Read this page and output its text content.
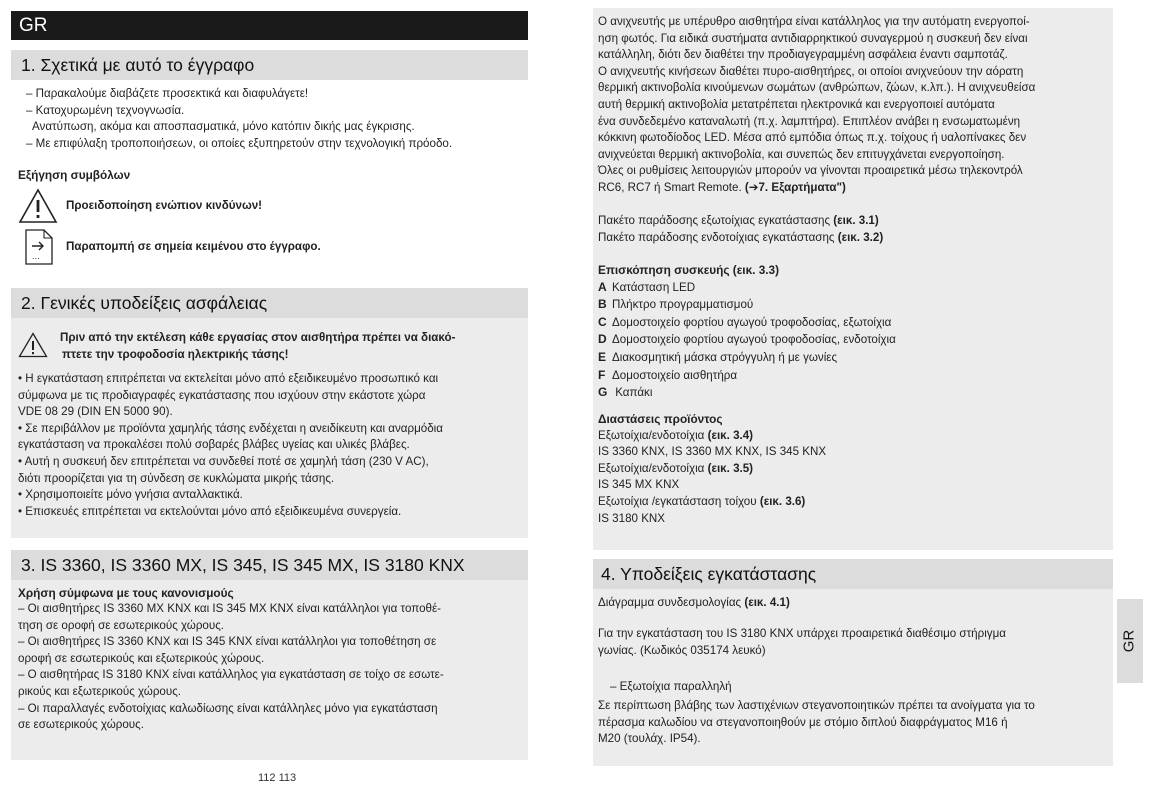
GR
1. Σχετικά με αυτό το έγγραφο
– Παρακαλούμε διαβάζετε προσεκτικά και διαφυλάγετε!
– Κατοχυρωμένη τεχνογνωσία.
Ανατύπωση, ακόμα και αποσπασματικά, μόνο κατόπιν δικής μας έγκρισης.
– Με επιφύλαξη τροποποιήσεων, οι οποίες εξυπηρετούν στην τεχνολογική πρόοδο.
Εξήγηση συμβόλων
Προειδοποίηση ενώπιον κινδύνων!
...
Παραπομπή σε σημεία κειμένου στο έγγραφο.
2. Γενικές υποδείξεις ασφάλειας
Πριν από την εκτέλεση κάθε εργασίας στον αισθητήρα πρέπει να διακό-
πτετε την τροφοδοσία ηλεκτρικής τάσης!
• Η εγκατάσταση επιτρέπεται να εκτελείται μόνο από εξειδικευμένο προσωπικό και
σύμφωνα με τις προδιαγραφές εγκατάστασης που ισχύουν στην εκάστοτε χώρα
VDE 08 29 (DIN EN 5000 90).
• Σε περιβάλλον με προϊόντα χαμηλής τάσης ενδέχεται η ανειδίκευτη και αναρμόδια
εγκατάσταση να προκαλέσει πολύ σοβαρές βλάβες υγείας και υλικές βλάβες.
• Αυτή η συσκευή δεν επιτρέπεται να συνδεθεί ποτέ σε χαμηλή τάση (230 V AC),
διότι προορίζεται για τη σύνδεση σε κυκλώματα μικρής τάσης.
• Χρησιμοποιείτε μόνο γνήσια ανταλλακτικά.
• Επισκευές επιτρέπεται να εκτελούνται μόνο από εξειδικευμένα συνεργεία.
3. IS 3360, IS 3360 MX, IS 345, IS 345 MX, IS 3180 KNX
Χρήση σύμφωνα με τους κανονισμούς
– Οι αισθητήρες IS 3360 MX KNX και IS 345 MX KNX είναι κατάλληλοι για τοποθέ-
τηση σε οροφή σε εσωτερικούς χώρους.
– Οι αισθητήρες IS 3360 KNX και IS 345 KNX είναι κατάλληλοι για τοποθέτηση σε
οροφή σε εσωτερικούς και εξωτερικούς χώρους.
– Ο αισθητήρας IS 3180 KNX είναι κατάλληλος για εγκατάσταση σε τοίχο σε εσωτε-
ρικούς και εξωτερικούς χώρους.
– Οι παραλλαγές ενδοτοίχιας καλωδίωσης είναι κατάλληλες μόνο για εγκατάσταση
σε εσωτερικούς χώρους.
112 113
Ο ανιχνευτής με υπέρυθρο αισθητήρα είναι κατάλληλος για την αυτόματη ενεργοποί-
ηση φωτός. Για ειδικά συστήματα αντιδιαρρηκτικού συναγερμού η συσκευή δεν είναι
κατάλληλη, διότι δεν διαθέτει την προδιαγεγραμμένη ασφάλεια έναντι σαμποτάζ.
Ο ανιχνευτής κινήσεων διαθέτει πυρο-αισθητήρες, οι οποίοι ανιχνεύουν την αόρατη
θερμική ακτινοβολία κινούμενων σωμάτων (ανθρώπων, ζώων, κ.λπ.). Η ανιχνευθείσα
αυτή θερμική ακτινοβολία μετατρέπεται ηλεκτρονικά και ενεργοποιεί αυτόματα
ένα συνδεδεμένο καταναλωτή (π.χ. λαμπτήρα). Επιπλέον ανάβει η ενσωματωμένη
κόκκινη φωτοδίοδος LED. Μέσα από εμπόδια όπως π.χ. τοίχους ή υαλοπίνακες δεν
ανιχνεύεται θερμική ακτινοβολία, και συνεπώς δεν επιτυγχάνεται ενεργοποίηση.
Όλες οι ρυθμίσεις λειτουργιών μπορούν να γίνονται προαιρετικά μέσω τηλεκοντρόλ
RC6, RC7 ή Smart Remote. (➔7. Εξαρτήματα")
Πακέτο παράδοσης εξωτοίχιας εγκατάστασης (εικ. 3.1)
Πακέτο παράδοσης ενδοτοίχιας εγκατάστασης (εικ. 3.2)
Επισκόπηση συσκευής (εικ. 3.3)
A Κατάσταση LED
B Πλήκτρο προγραμματισμού
C Δομοστοιχείο φορτίου αγωγού τροφοδοσίας, εξωτοίχια
D Δομοστοιχείο φορτίου αγωγού τροφοδοσίας, ενδοτοίχια
E Διακοσμητική μάσκα στρόγγυλη ή με γωνίες
F Δομοστοιχείο αισθητήρα
G Καπάκι
Διαστάσεις προϊόντος
Εξωτοίχια/ενδοτοίχια (εικ. 3.4)
IS 3360 KNX, IS 3360 MX KNX, IS 345 KNX
Εξωτοίχια/ενδοτοίχια (εικ. 3.5)
IS 345 MX KNX
Εξωτοίχια /εγκατάσταση τοίχου (εικ. 3.6)
IS 3180 KNX
4. Υποδείξεις εγκατάστασης
Διάγραμμα συνδεσμολογίας (εικ. 4.1)
Για την εγκατάσταση του IS 3180 KNX υπάρχει προαιρετικά διαθέσιμο στήριγμα
γωνίας. (Κωδικός 035174 λευκό)
– Εξωτοίχια παραλληλή
Σε περίπτωση βλάβης των λαστιχένιων στεγανοποιητικών πρέπει τα ανοίγματα για το
πέρασμα καλωδίου να στεγανοποιηθούν με στόμιο διπλού διαφράγματος Μ16 ή
Μ20 (τουλάχ. IP54).
GR
